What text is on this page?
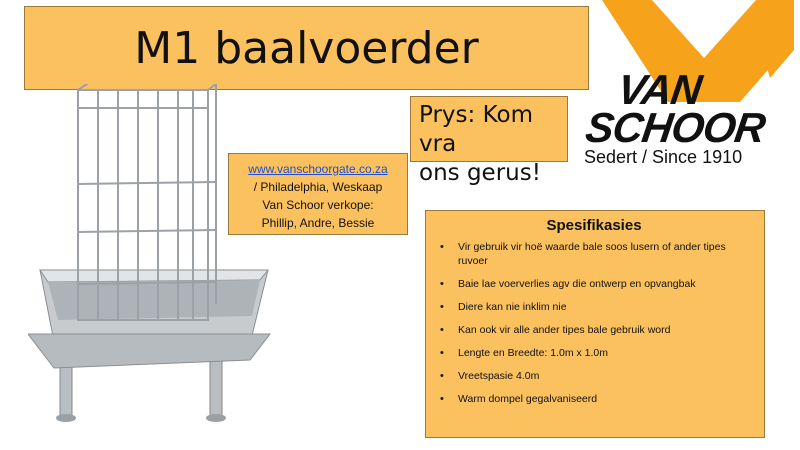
M1 baalvoerder
www.vanschoorgate.co.za
/ Philadelphia, Weskaap
Van Schoor verkope:
Phillip, Andre, Bessie
Prys: Kom vra
ons gerus!
VAN
SCHOOR
Sedert / Since 1910
Spesifikasies
• Vir gebruik vir hoë waarde bale soos lusern of ander tipes ruvoer
• Baie lae voerverlies agv die ontwerp en opvangbak
• Diere kan nie inklim nie
• Kan ook vir alle ander tipes bale gebruik word
• Lengte en Breedte: 1.0m x 1.0m
• Vreetspasie 4.0m
• Warm dompel gegalvaniseerd
